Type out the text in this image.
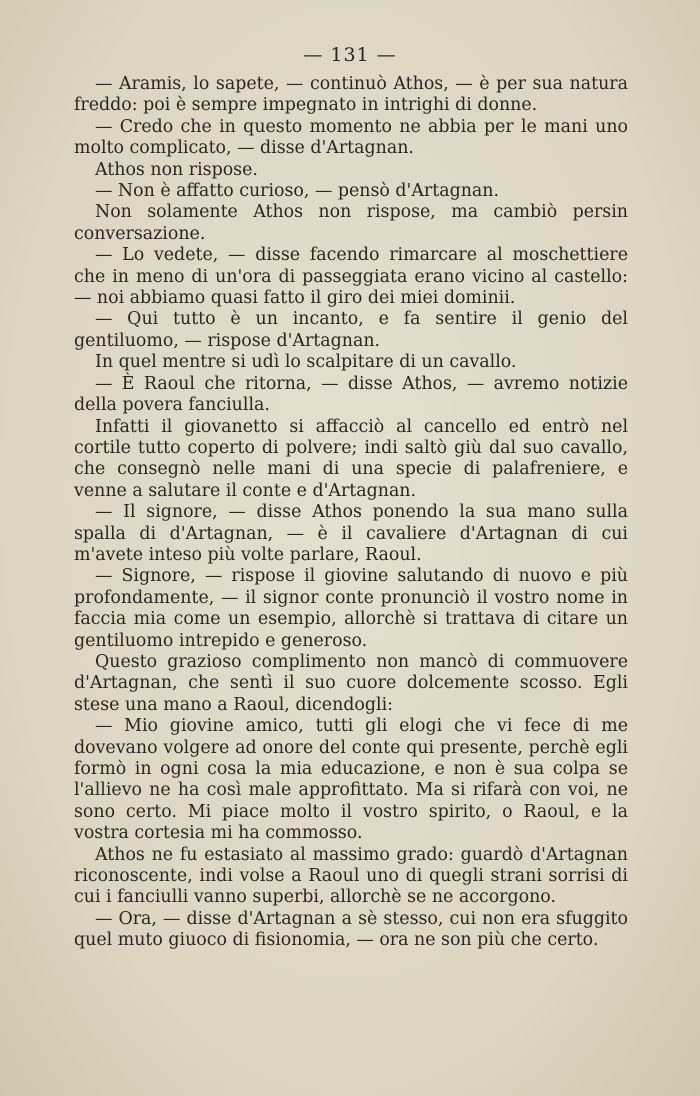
— 131 —

— Aramis, lo sapete, — continuò Athos, — è per sua natura freddo: poi è sempre impegnato in intrighi di donne.

— Credo che in questo momento ne abbia per le mani uno molto complicato, — disse d'Artagnan.

Athos non rispose.

— Non è affatto curioso, — pensò d'Artagnan.

Non solamente Athos non rispose, ma cambiò persin conversazione.

— Lo vedete, — disse facendo rimarcare al moschettiere che in meno di un'ora di passeggiata erano vicino al castello: — noi abbiamo quasi fatto il giro dei miei dominii.

— Qui tutto è un incanto, e fa sentire il genio del gentiluomo, — rispose d'Artagnan.

In quel mentre si udì lo scalpitare di un cavallo.

— È Raoul che ritorna, — disse Athos, — avremo notizie della povera fanciulla.

Infatti il giovanetto si affacciò al cancello ed entrò nel cortile tutto coperto di polvere; indi saltò giù dal suo cavallo, che consegnò nelle mani di una specie di palafreniere, e venne a salutare il conte e d'Artagnan.

— Il signore, — disse Athos ponendo la sua mano sulla spalla di d'Artagnan, — è il cavaliere d'Artagnan di cui m'avete inteso più volte parlare, Raoul.

— Signore, — rispose il giovine salutando di nuovo e più profondamente, — il signor conte pronunciò il vostro nome in faccia mia come un esempio, allorchè si trattava di citare un gentiluomo intrepido e generoso.

Questo grazioso complimento non mancò di commuovere d'Artagnan, che sentì il suo cuore dolcemente scosso. Egli stese una mano a Raoul, dicendogli:

— Mio giovine amico, tutti gli elogi che vi fece di me dovevano volgere ad onore del conte qui presente, perchè egli formò in ogni cosa la mia educazione, e non è sua colpa se l'allievo ne ha così male approfittato. Ma si rifarà con voi, ne sono certo. Mi piace molto il vostro spirito, o Raoul, e la vostra cortesia mi ha commosso.

Athos ne fu estasiato al massimo grado: guardò d'Artagnan riconoscente, indi volse a Raoul uno di quegli strani sorrisi di cui i fanciulli vanno superbi, allorchè se ne accorgono.

— Ora, — disse d'Artagnan a sè stesso, cui non era sfuggito quel muto giuoco di fisionomia, — ora ne son più che certo.
